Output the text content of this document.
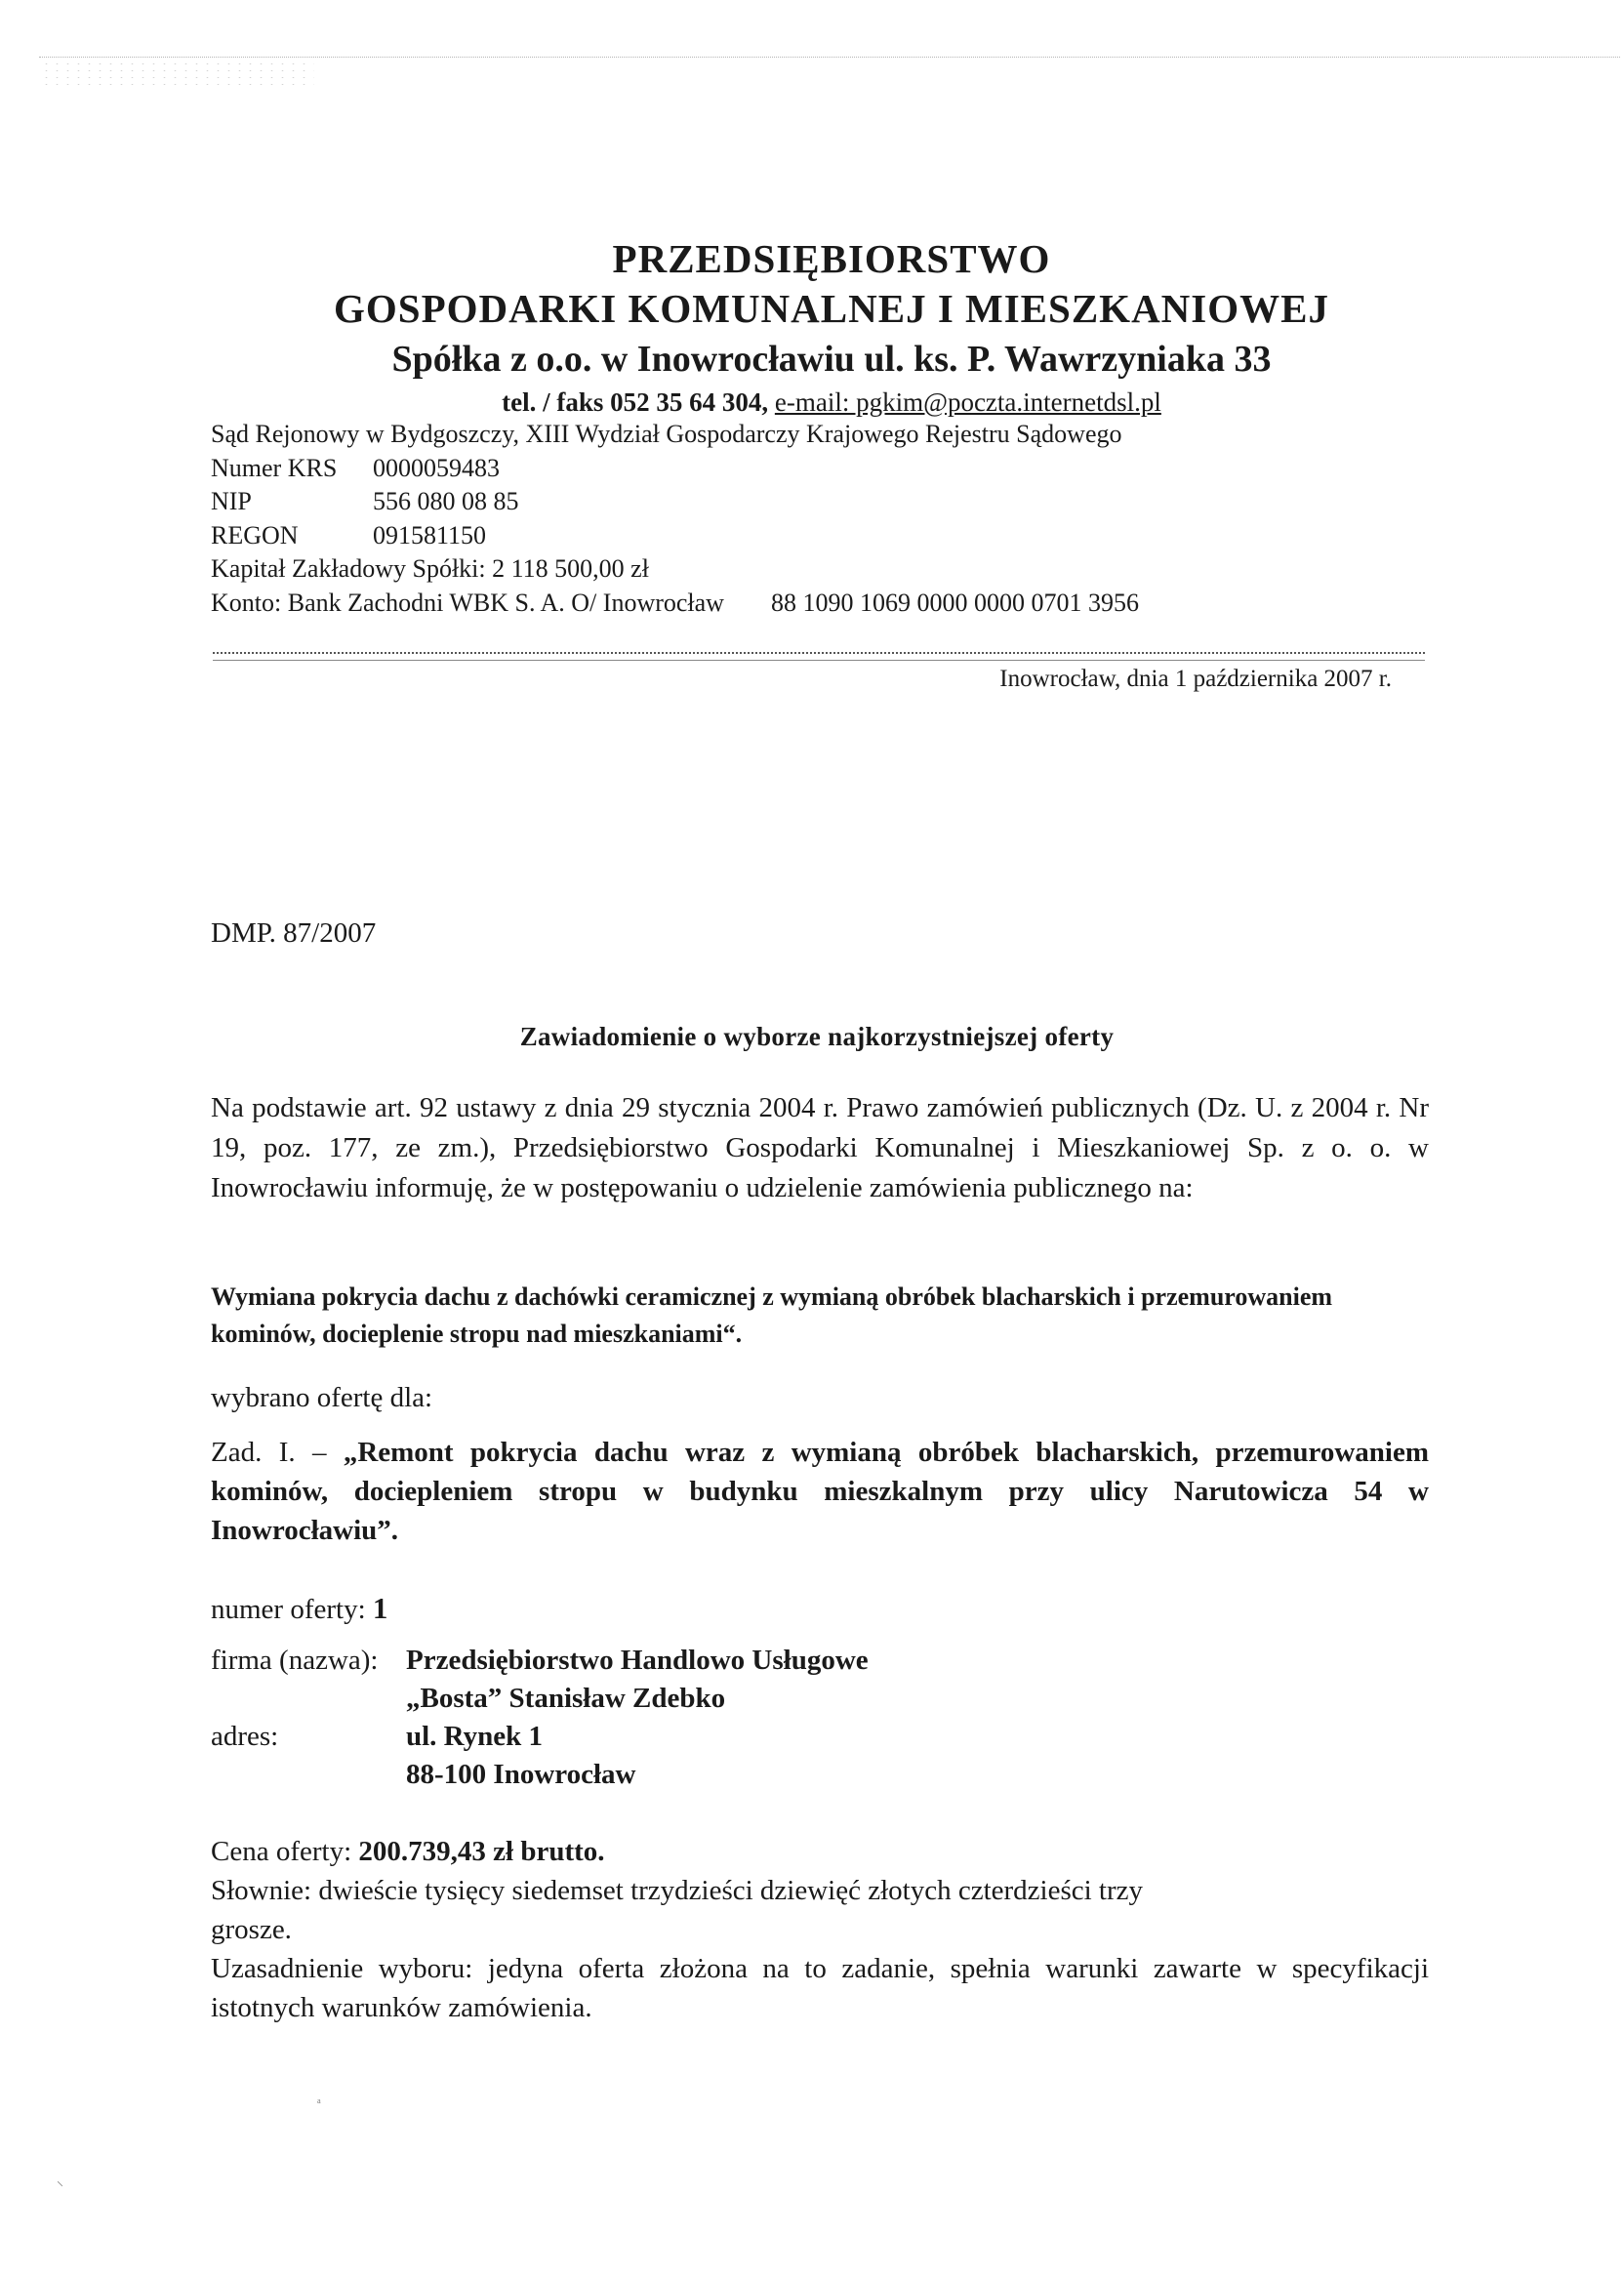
PRZEDSIĘBIORSTWO
GOSPODARKI KOMUNALNEJ I MIESZKANIOWEJ
Spółka z o.o. w Inowrocławiu ul. ks. P. Wawrzyniaka 33
tel. / faks 052 35 64 304, e-mail: pgkim@poczta.internetdsl.pl
Sąd Rejonowy w Bydgoszczy, XIII Wydział Gospodarczy Krajowego Rejestru Sądowego
Numer KRS	0000059483
NIP	556 080 08 85
REGON	091581150
Kapitał Zakładowy Spółki: 2 118 500,00 zł
Konto: Bank Zachodni WBK S. A. O/ Inowrocław 88 1090 1069 0000 0000 0701 3956
Inowrocław, dnia 1 października 2007 r.
DMP. 87/2007
Zawiadomienie o wyborze najkorzystniejszej oferty

Na podstawie art. 92 ustawy z dnia 29 stycznia 2004 r. Prawo zamówień publicznych (Dz. U. z 2004 r. Nr 19, poz. 177, ze zm.), Przedsiębiorstwo Gospodarki Komunalnej i Mieszkaniowej Sp. z o. o. w Inowrocławiu informuję, że w postępowaniu o udzielenie zamówienia publicznego na:

Wymiana pokrycia dachu z dachówki ceramicznej z wymianą obróbek blacharskich i przemurowaniem kominów, docieplenie stropu nad mieszkaniami“.

wybrano ofertę dla:

Zad. I. – „Remont pokrycia dachu wraz z wymianą obróbek blacharskich, przemurowaniem kominów, dociepleniem stropu w budynku mieszkalnym przy ulicy Narutowicza 54 w Inowrocławiu”.

numer oferty: 1
firma (nazwa): Przedsiębiorstwo Handlowo Usługowe
„Bosta” Stanisław Zdebko
adres:	ul. Rynek 1
88-100 Inowrocław
Cena oferty: 200.739,43 zł brutto.
Słownie: dwieście tysięcy siedemset trzydzieści dziewięć złotych czterdzieści trzy
grosze.
Uzasadnienie wyboru: jedyna oferta złożona na to zadanie, spełnia warunki zawarte w specyfikacji istotnych warunków zamówienia.
⸜
ᵃ
